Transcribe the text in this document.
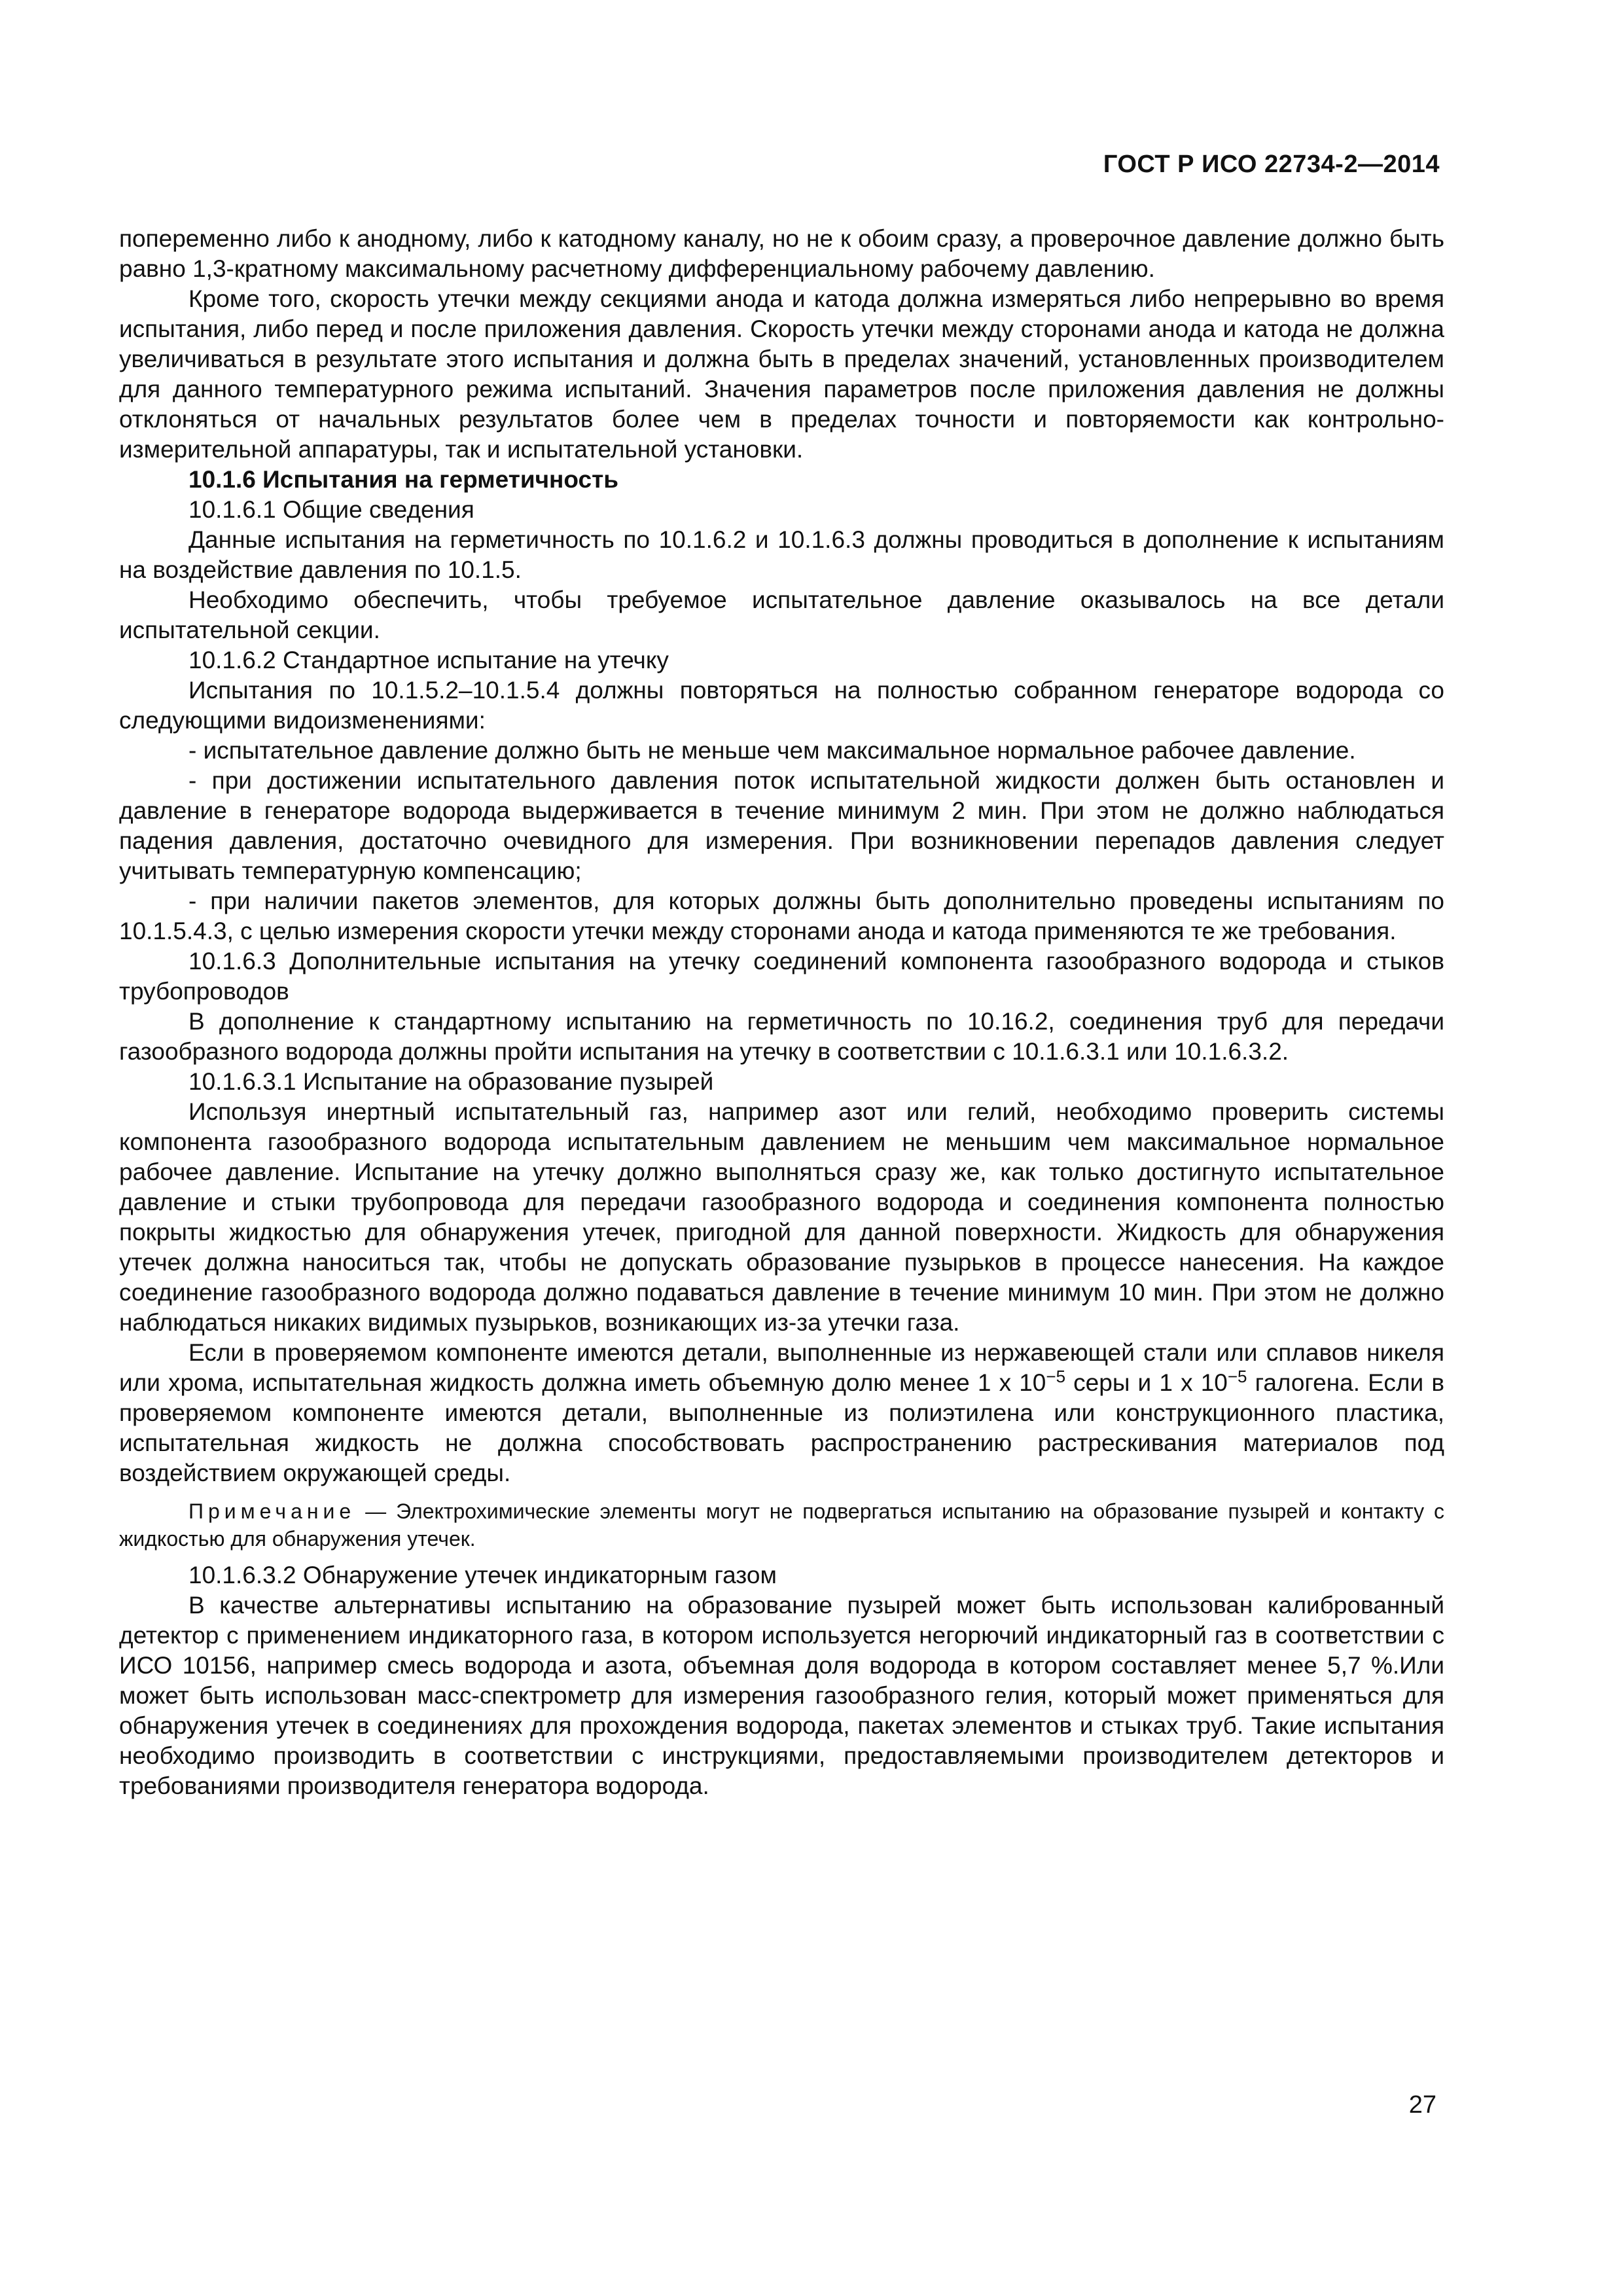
ГОСТ Р ИСО 22734-2—2014

попеременно либо к анодному, либо к катодному каналу, но не к обоим сразу, а проверочное давление должно быть равно 1,3-кратному максимальному расчетному дифференциальному рабочему давлению.

Кроме того, скорость утечки между секциями анода и катода должна измеряться либо непрерывно во время испытания, либо перед и после приложения давления. Скорость утечки между сторонами анода и катода не должна увеличиваться в результате этого испытания и должна быть в пределах значений, установленных производителем для данного температурного режима испытаний. Значения параметров после приложения давления не должны отклоняться от начальных результатов более чем в пределах точности и повторяемости как контрольно-измерительной аппаратуры, так и испытательной установки.

10.1.6 Испытания на герметичность

10.1.6.1 Общие сведения

Данные испытания на герметичность по 10.1.6.2 и 10.1.6.3 должны проводиться в дополнение к испытаниям на воздействие давления по 10.1.5.

Необходимо обеспечить, чтобы требуемое испытательное давление оказывалось на все детали испытательной секции.

10.1.6.2 Стандартное испытание на утечку

Испытания по 10.1.5.2–10.1.5.4 должны повторяться на полностью собранном генераторе водорода со следующими видоизменениями:

- испытательное давление должно быть не меньше чем максимальное нормальное рабочее давление.

- при достижении испытательного давления поток испытательной жидкости должен быть остановлен и давление в генераторе водорода выдерживается в течение минимум 2 мин. При этом не должно наблюдаться падения давления, достаточно очевидного для измерения. При возникновении перепадов давления следует учитывать температурную компенсацию;

- при наличии пакетов элементов, для которых должны быть дополнительно проведены испытаниям по 10.1.5.4.3, с целью измерения скорости утечки между сторонами анода и катода применяются те же требования.

10.1.6.3 Дополнительные испытания на утечку соединений компонента газообразного водорода и стыков трубопроводов

В дополнение к стандартному испытанию на герметичность по 10.16.2, соединения труб для передачи газообразного водорода должны пройти испытания на утечку в соответствии с 10.1.6.3.1 или 10.1.6.3.2.

10.1.6.3.1 Испытание на образование пузырей

Используя инертный испытательный газ, например азот или гелий, необходимо проверить системы компонента газообразного водорода испытательным давлением не меньшим чем максимальное нормальное рабочее давление. Испытание на утечку должно выполняться сразу же, как только достигнуто испытательное давление и стыки трубопровода для передачи газообразного водорода и соединения компонента полностью покрыты жидкостью для обнаружения утечек, пригодной для данной поверхности. Жидкость для обнаружения утечек должна наноситься так, чтобы не допускать образование пузырьков в процессе нанесения. На каждое соединение газообразного водорода должно подаваться давление в течение минимум 10 мин. При этом не должно наблюдаться никаких видимых пузырьков, возникающих из-за утечки газа.

Если в проверяемом компоненте имеются детали, выполненные из нержавеющей стали или сплавов никеля или хрома, испытательная жидкость должна иметь объемную долю менее 1 x $10^{-5}$ серы и 1 x $10^{-5}$ галогена. Если в проверяемом компоненте имеются детали, выполненные из полиэтилена или конструкционного пластика, испытательная жидкость не должна способствовать распространению растрескивания материалов под воздействием окружающей среды.

Примечание — Электрохимические элементы могут не подвергаться испытанию на образование пузырей и контакту с жидкостью для обнаружения утечек.

10.1.6.3.2 Обнаружение утечек индикаторным газом

В качестве альтернативы испытанию на образование пузырей может быть использован калиброванный детектор с применением индикаторного газа, в котором используется негорючий индикаторный газ в соответствии с ИСО 10156, например смесь водорода и азота, объемная доля водорода в котором составляет менее 5,7 %.Или может быть использован масс-спектрометр для измерения газообразного гелия, который может применяться для обнаружения утечек в соединениях для прохождения водорода, пакетах элементов и стыках труб. Такие испытания необходимо производить в соответствии с инструкциями, предоставляемыми производителем детекторов и требованиями производителя генератора водорода.

27
